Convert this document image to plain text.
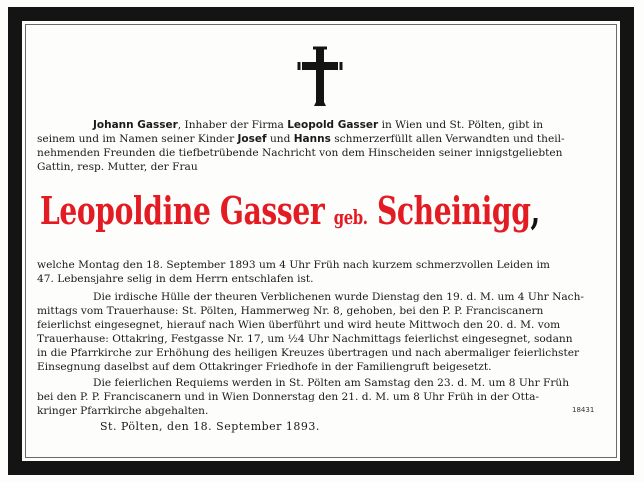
Johann Gasser, Inhaber der Firma Leopold Gasser in Wien und St. Pölten, gibt in
seinem und im Namen seiner Kinder Josef und Hanns schmerzerfüllt allen Verwandten und theil-
nehmenden Freunden die tiefbetrübende Nachricht von dem Hinscheiden seiner innigstgeliebten
Gattin, resp. Mutter, der Frau
Leopoldine Gasser geb. Scheinigg,
welche Montag den 18. September 1893 um 4 Uhr Früh nach kurzem schmerzvollen Leiden im
47. Lebensjahre selig in dem Herrn entschlafen ist.
Die irdische Hülle der theuren Verblichenen wurde Dienstag den 19. d. M. um 4 Uhr Nach-
mittags vom Trauerhause: St. Pölten, Hammerweg Nr. 8, gehoben, bei den P. P. Franciscanern
feierlichst eingesegnet, hierauf nach Wien überführt und wird heute Mittwoch den 20. d. M. vom
Trauerhause: Ottakring, Festgasse Nr. 17, um ½4 Uhr Nachmittags feierlichst eingesegnet, sodann
in die Pfarrkirche zur Erhöhung des heiligen Kreuzes übertragen und nach abermaliger feierlichster
Einsegnung daselbst auf dem Ottakringer Friedhofe in der Familiengruft beigesetzt.
Die feierlichen Requiems werden in St. Pölten am Samstag den 23. d. M. um 8 Uhr Früh
bei den P. P. Franciscanern und in Wien Donnerstag den 21. d. M. um 8 Uhr Früh in der Otta-
kringer Pfarrkirche abgehalten.	18431
St. Pölten, den 18. September 1893.
